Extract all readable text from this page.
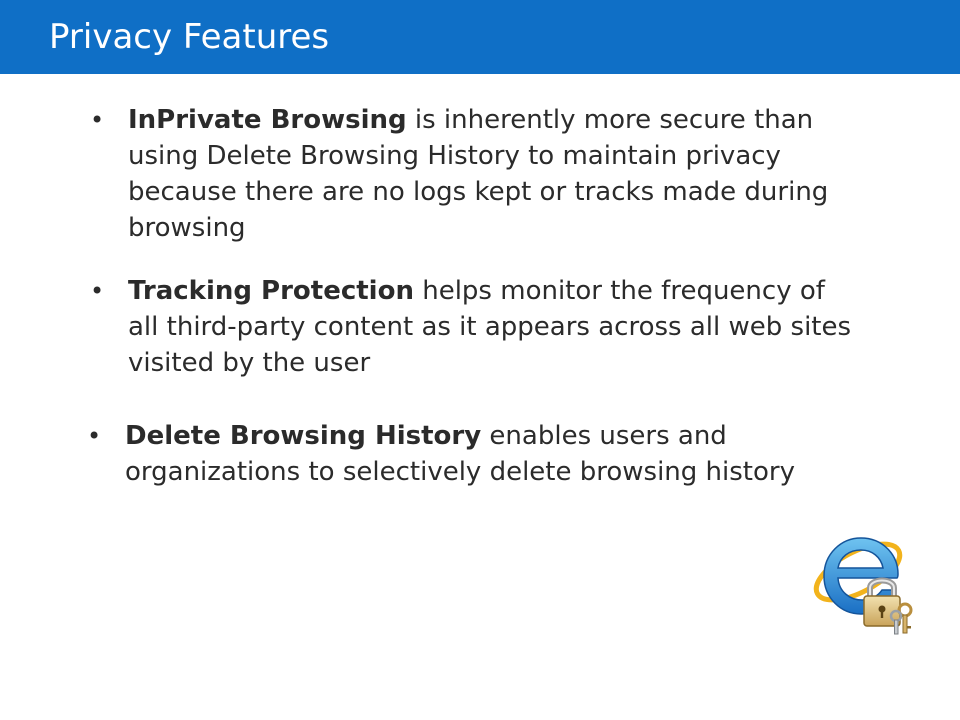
Privacy Features
• InPrivate Browsing is inherently more secure than using Delete Browsing History to maintain privacy because there are no logs kept or tracks made during browsing
• Tracking Protection helps monitor the frequency of all third-party content as it appears across all web sites visited by the user
• Delete Browsing History enables users and organizations to selectively delete browsing history
